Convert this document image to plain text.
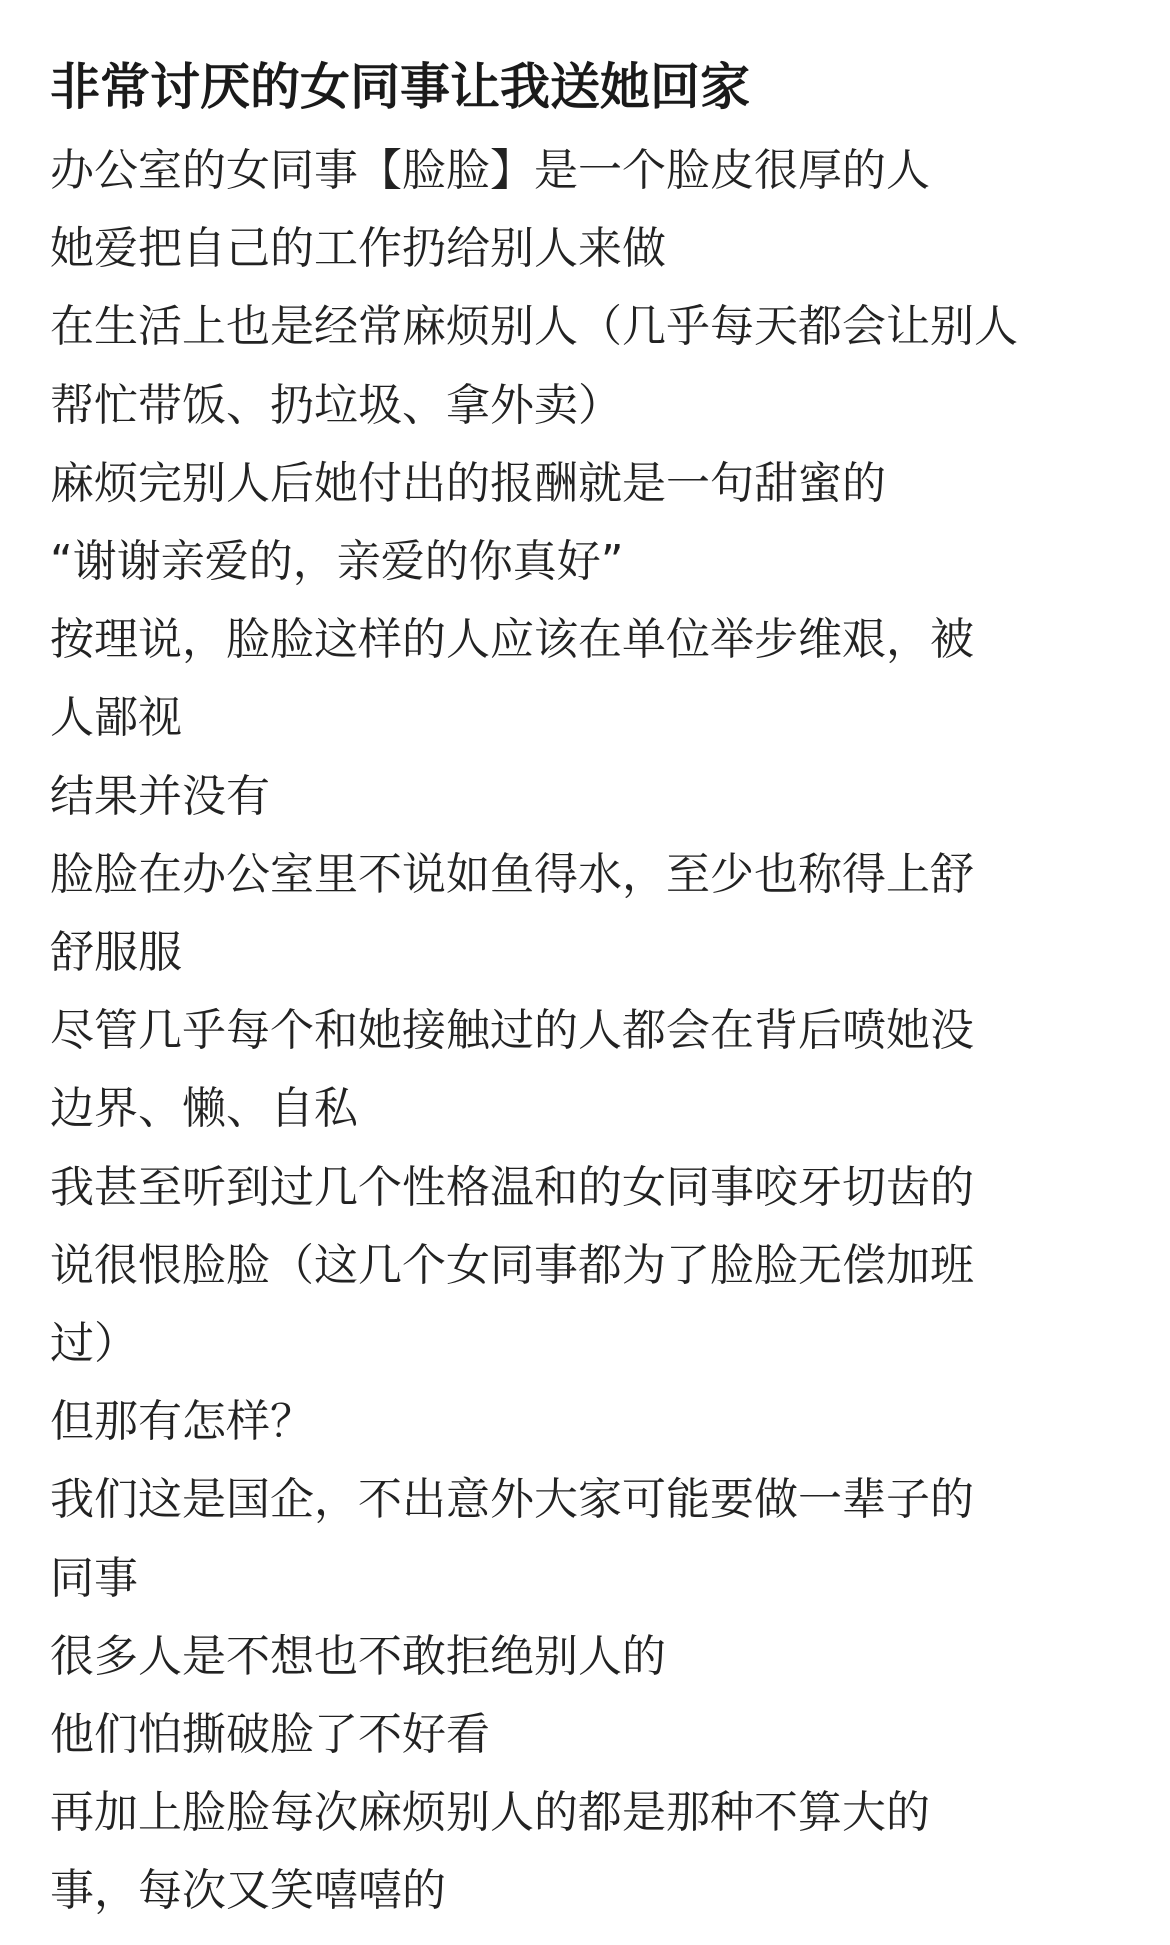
非常讨厌的女同事让我送她回家
办公室的女同事【脸脸】是一个脸皮很厚的人
她爱把自己的工作扔给别人来做
在生活上也是经常麻烦别人（几乎每天都会让别人
帮忙带饭、扔垃圾、拿外卖）
麻烦完别人后她付出的报酬就是一句甜蜜的
“谢谢亲爱的，亲爱的你真好”
按理说，脸脸这样的人应该在单位举步维艰，被
人鄙视
结果并没有
脸脸在办公室里不说如鱼得水，至少也称得上舒
舒服服
尽管几乎每个和她接触过的人都会在背后喷她没
边界、懒、自私
我甚至听到过几个性格温和的女同事咬牙切齿的
说很恨脸脸（这几个女同事都为了脸脸无偿加班
过）
但那有怎样？
我们这是国企，不出意外大家可能要做一辈子的
同事
很多人是不想也不敢拒绝别人的
他们怕撕破脸了不好看
再加上脸脸每次麻烦别人的都是那种不算大的
事，每次又笑嘻嘻的
